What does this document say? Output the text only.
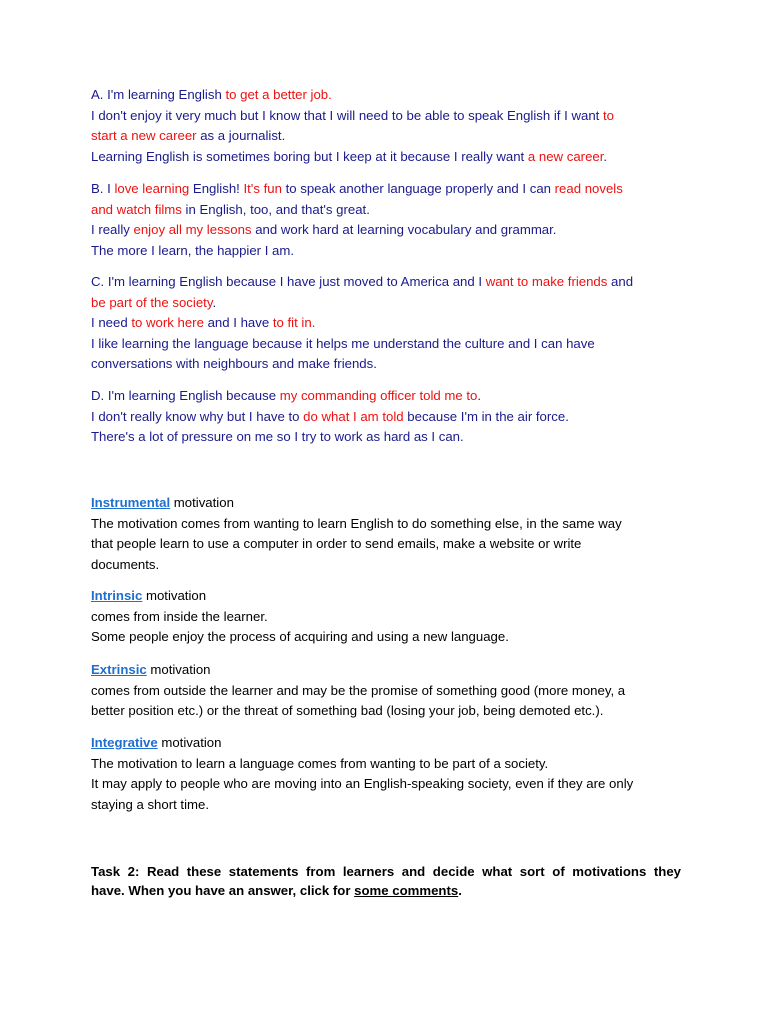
A. I'm learning English to get a better job.
I don't enjoy it very much but I know that I will need to be able to speak English if I want to
start a new career as a journalist.
Learning English is sometimes boring but I keep at it because I really want a new career.
B. I love learning English! It's fun to speak another language properly and I can read novels
and watch films in English, too, and that's great.
I really enjoy all my lessons and work hard at learning vocabulary and grammar.
The more I learn, the happier I am.
C. I'm learning English because I have just moved to America and I want to make friends and
be part of the society.
I need to work here and I have to fit in.
I like learning the language because it helps me understand the culture and I can have
conversations with neighbours and make friends.
D. I'm learning English because my commanding officer told me to.
I don't really know why but I have to do what I am told because I'm in the air force.
There's a lot of pressure on me so I try to work as hard as I can.
Instrumental motivation
The motivation comes from wanting to learn English to do something else, in the same way
that people learn to use a computer in order to send emails, make a website or write
documents.
Intrinsic motivation
comes from inside the learner.
Some people enjoy the process of acquiring and using a new language.
Extrinsic motivation
comes from outside the learner and may be the promise of something good (more money, a
better position etc.) or the threat of something bad (losing your job, being demoted etc.).
Integrative motivation
The motivation to learn a language comes from wanting to be part of a society.
It may apply to people who are moving into an English-speaking society, even if they are only
staying a short time.
Task 2: Read these statements from learners and decide what sort of motivations they
have. When you have an answer, click for some comments.
